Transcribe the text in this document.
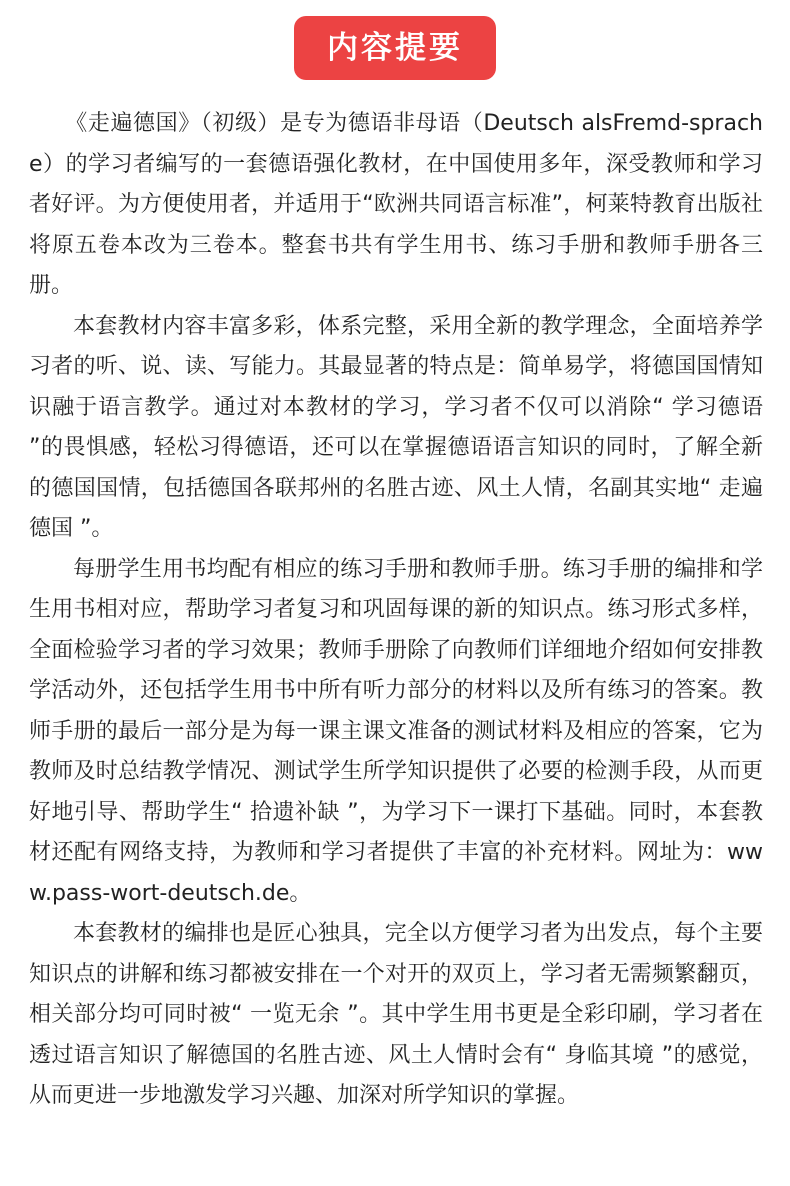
内容提要

《走遍德国》（初级）是专为德语非母语（Deutsch alsFremd-sprache）的学习者编写的一套德语强化教材，在中国使用多年，深受教师和学习者好评。为方便使用者，并适用于“欧洲共同语言标准”，柯莱特教育出版社将原五卷本改为三卷本。整套书共有学生用书、练习手册和教师手册各三册。

本套教材内容丰富多彩，体系完整，采用全新的教学理念，全面培养学习者的听、说、读、写能力。其最显著的特点是：简单易学，将德国国情知识融于语言教学。通过对本教材的学习，学习者不仅可以消除“ 学习德语 ”的畏惧感，轻松习得德语，还可以在掌握德语语言知识的同时，了解全新的德国国情，包括德国各联邦州的名胜古迹、风土人情，名副其实地“ 走遍德国 ”。

每册学生用书均配有相应的练习手册和教师手册。练习手册的编排和学生用书相对应，帮助学习者复习和巩固每课的新的知识点。练习形式多样，全面检验学习者的学习效果；教师手册除了向教师们详细地介绍如何安排教学活动外，还包括学生用书中所有听力部分的材料以及所有练习的答案。教师手册的最后一部分是为每一课主课文准备的测试材料及相应的答案，它为教师及时总结教学情况、测试学生所学知识提供了必要的检测手段，从而更好地引导、帮助学生“ 拾遗补缺 ”，为学习下一课打下基础。同时，本套教材还配有网络支持，为教师和学习者提供了丰富的补充材料。网址为：www.pass-wort-deutsch.de。

本套教材的编排也是匠心独具，完全以方便学习者为出发点，每个主要知识点的讲解和练习都被安排在一个对开的双页上，学习者无需频繁翻页，相关部分均可同时被“ 一览无余 ”。其中学生用书更是全彩印刷，学习者在透过语言知识了解德国的名胜古迹、风土人情时会有“ 身临其境 ”的感觉，从而更进一步地激发学习兴趣、加深对所学知识的掌握。
